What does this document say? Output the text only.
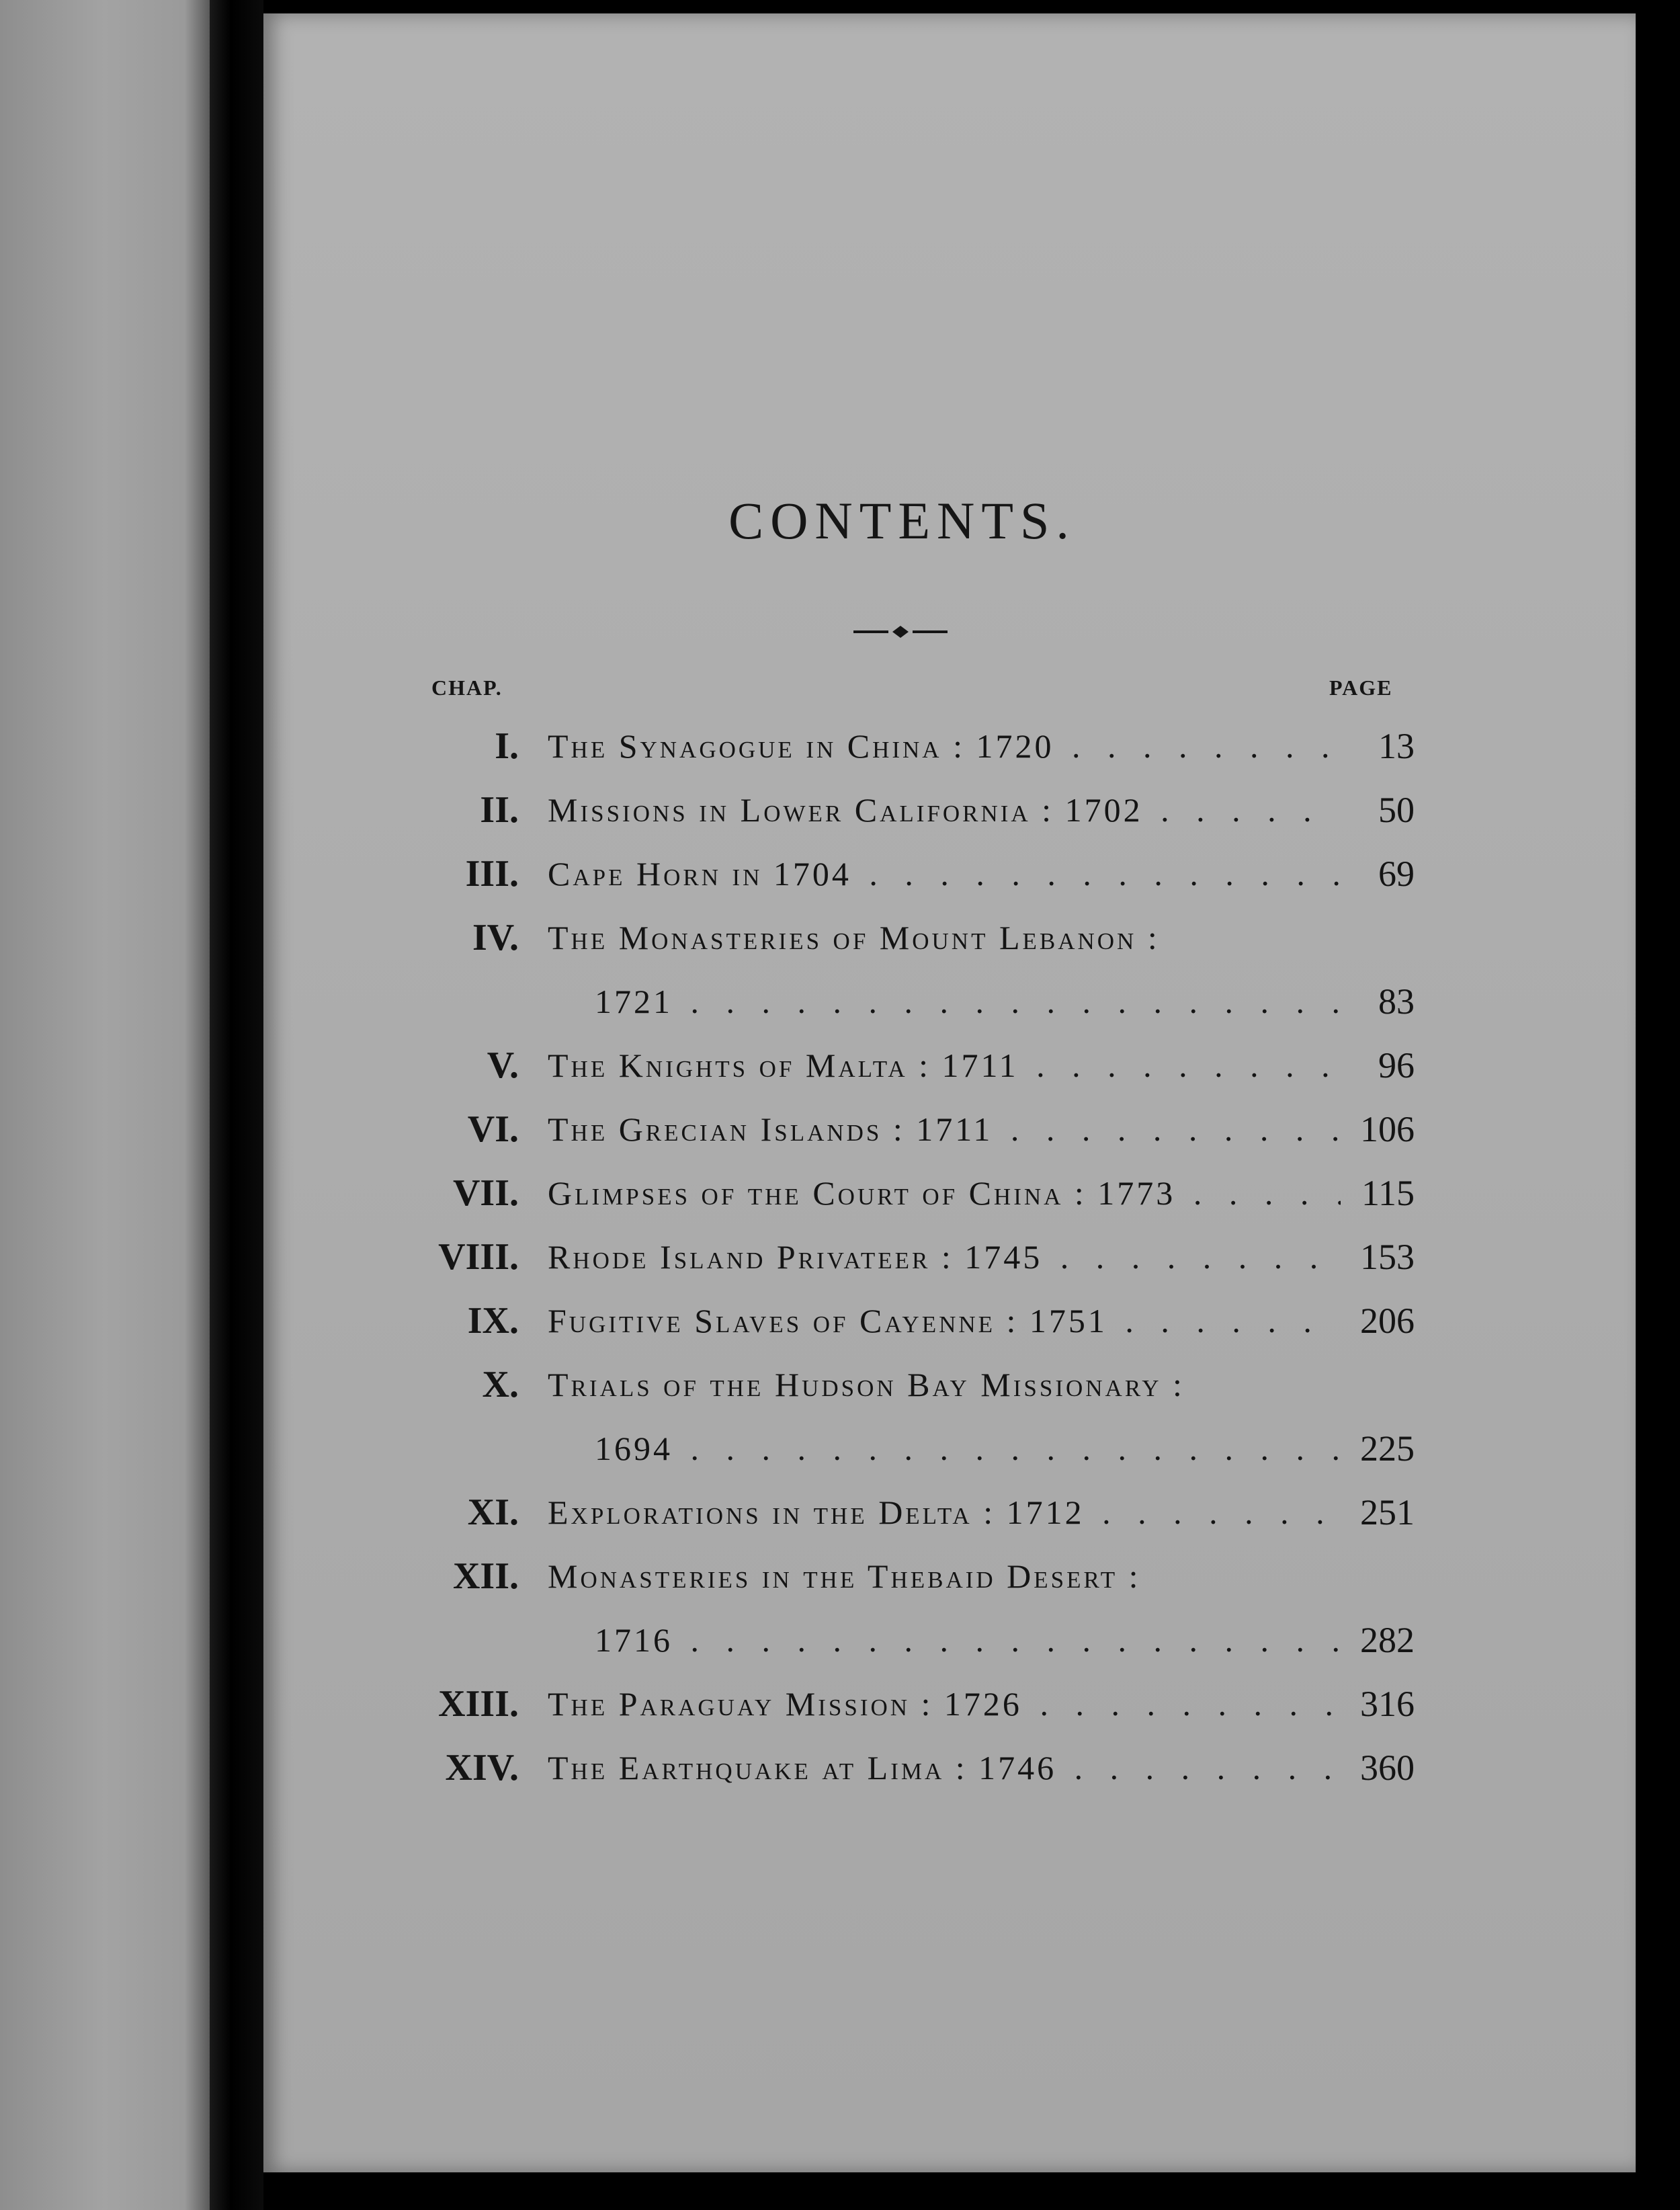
CONTENTS.
CHAP.	PAGE
I. The Synagogue in China : 1720 . . .	13
II. Missions in Lower California : 1702 . . .	50
III. Cape Horn in 1704 . . .	69
IV. The Monasteries of Mount Lebanon :
1721 . . .	83
V. The Knights of Malta : 1711 . . .	96
VI. The Grecian Islands : 1711 . . .	106
VII. Glimpses of the Court of China : 1773 . . .	115
VIII. Rhode Island Privateer : 1745 . . .	153
IX. Fugitive Slaves of Cayenne : 1751 . . .	206
X. Trials of the Hudson Bay Missionary :
1694 . . .	225
XI. Explorations in the Delta : 1712 . . .	251
XII. Monasteries in the Thebaid Desert :
1716 . . .	282
XIII. The Paraguay Mission : 1726 . . .	316
XIV. The Earthquake at Lima : 1746 . . .	360
